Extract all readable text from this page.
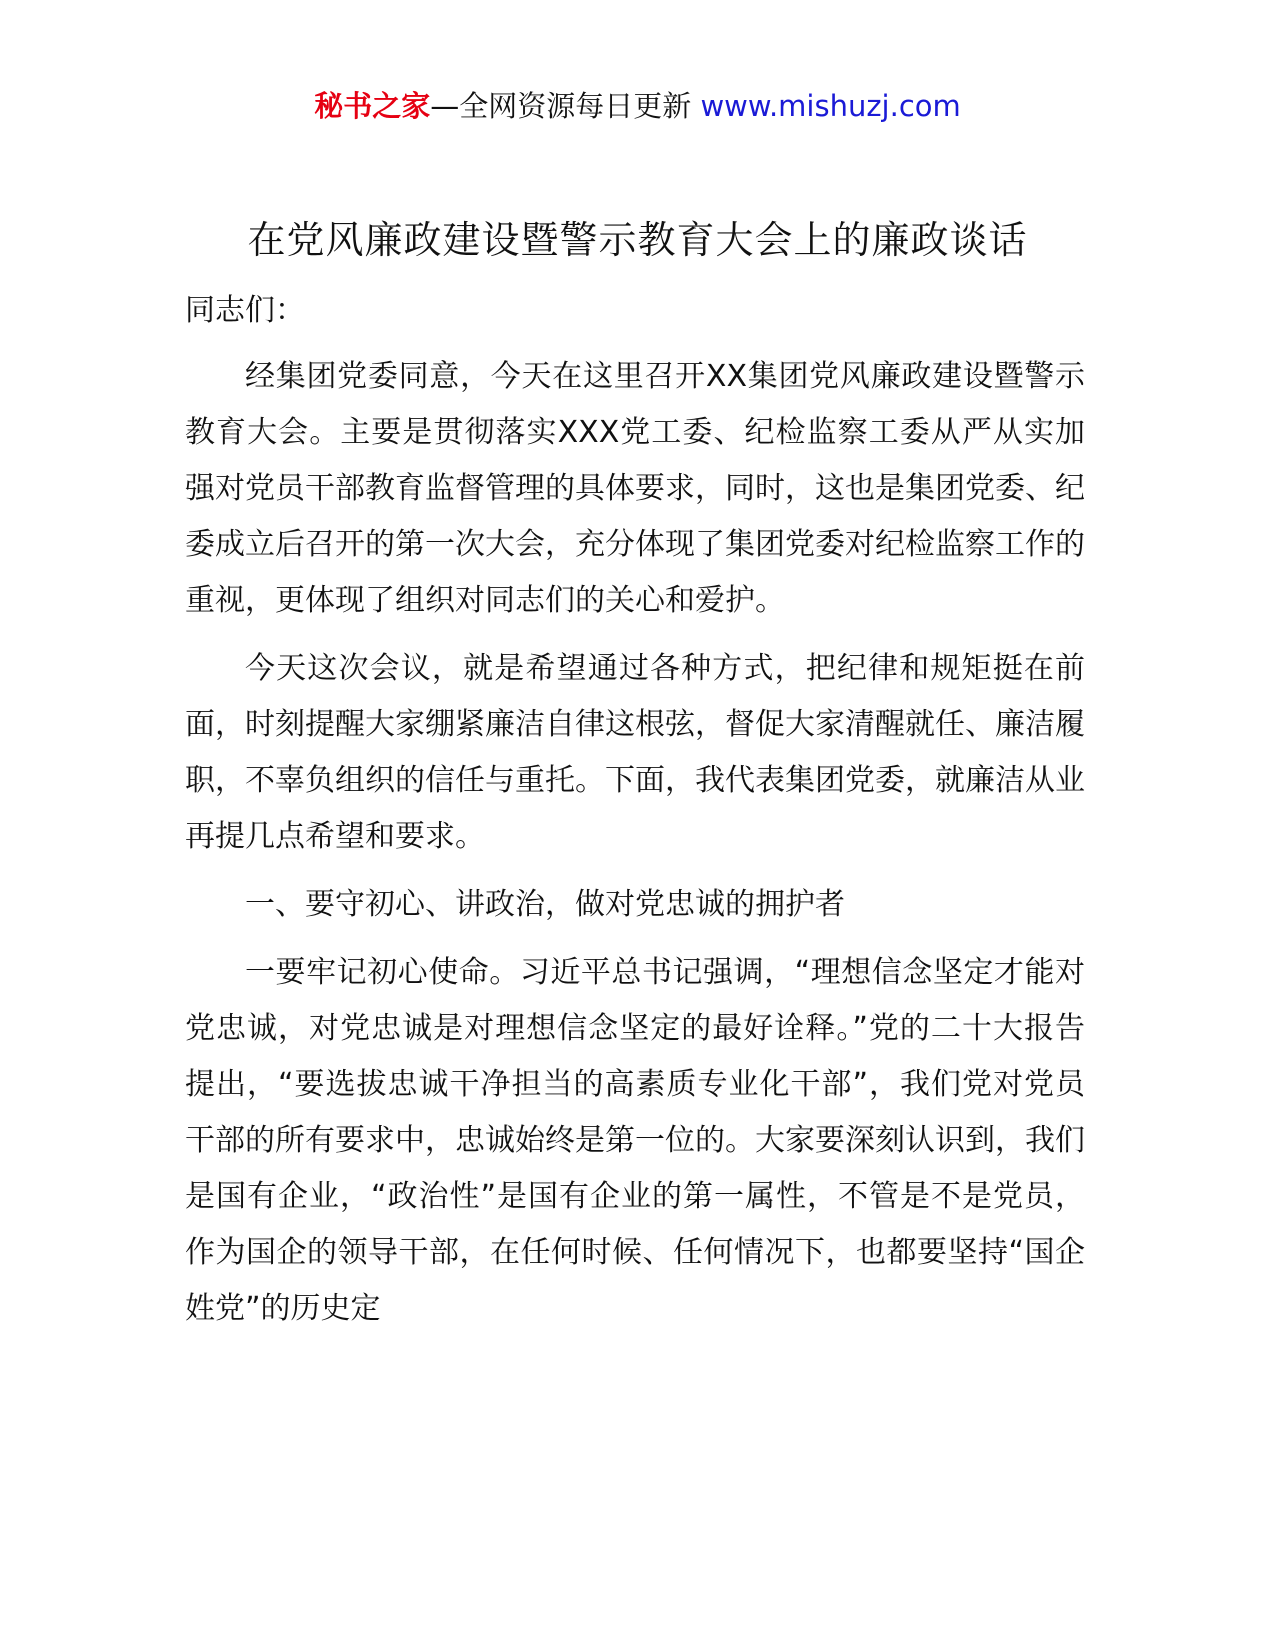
秘书之家—全网资源每日更新 www.mishuzj.com
在党风廉政建设暨警示教育大会上的廉政谈话

同志们：

经集团党委同意，今天在这里召开XX集团党风廉政建设暨警示教育大会。主要是贯彻落实XXX党工委、纪检监察工委从严从实加强对党员干部教育监督管理的具体要求，同时，这也是集团党委、纪委成立后召开的第一次大会，充分体现了集团党委对纪检监察工作的重视，更体现了组织对同志们的关心和爱护。

今天这次会议，就是希望通过各种方式，把纪律和规矩挺在前面，时刻提醒大家绷紧廉洁自律这根弦，督促大家清醒就任、廉洁履职，不辜负组织的信任与重托。下面，我代表集团党委，就廉洁从业再提几点希望和要求。

一、要守初心、讲政治，做对党忠诚的拥护者

一要牢记初心使命。习近平总书记强调，“理想信念坚定才能对党忠诚，对党忠诚是对理想信念坚定的最好诠释。”党的二十大报告提出，“要选拔忠诚干净担当的高素质专业化干部”，我们党对党员干部的所有要求中，忠诚始终是第一位的。大家要深刻认识到，我们是国有企业，“政治性”是国有企业的第一属性，不管是不是党员，作为国企的领导干部，在任何时候、任何情况下，也都要坚持“国企姓党”的历史定
